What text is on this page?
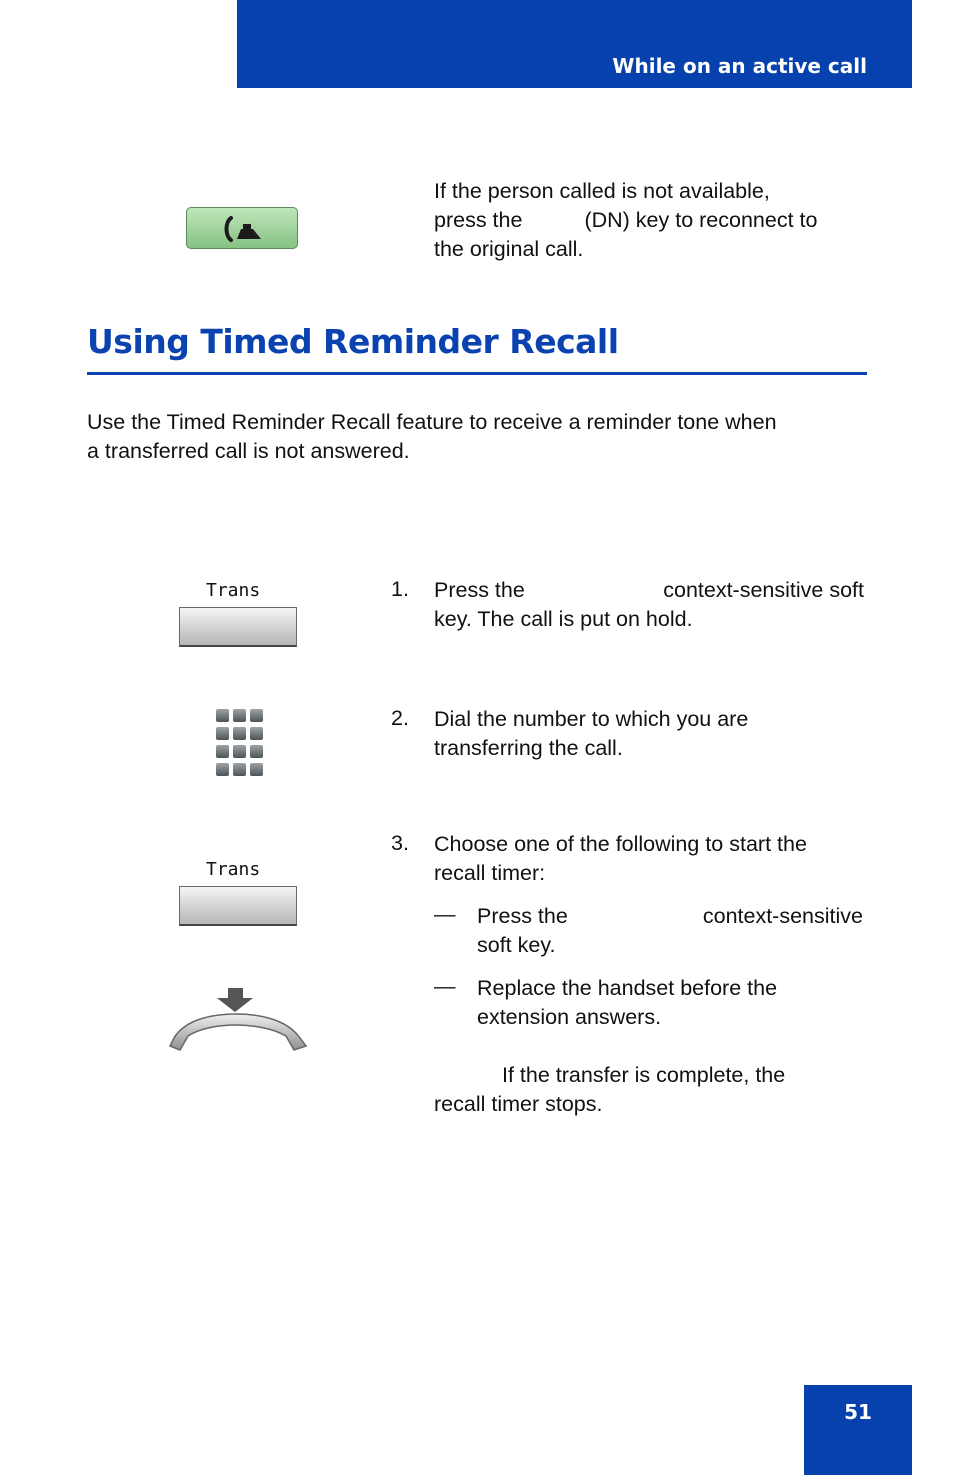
While on an active call
If the person called is not available,
press the	(DN) key to reconnect to
the original call.
Using Timed Reminder Recall
Use the Timed Reminder Recall feature to receive a reminder tone when
a transferred call is not answered.
Trans	1. Press the	context-sensitive soft
key. The call is put on hold.
2. Dial the number to which you are
transferring the call.
Trans
3. Choose one of the following to start the
recall timer:
— Press the	context-sensitive
soft key.
— Replace the handset before the
extension answers.
If the transfer is complete, the
recall timer stops.
51
